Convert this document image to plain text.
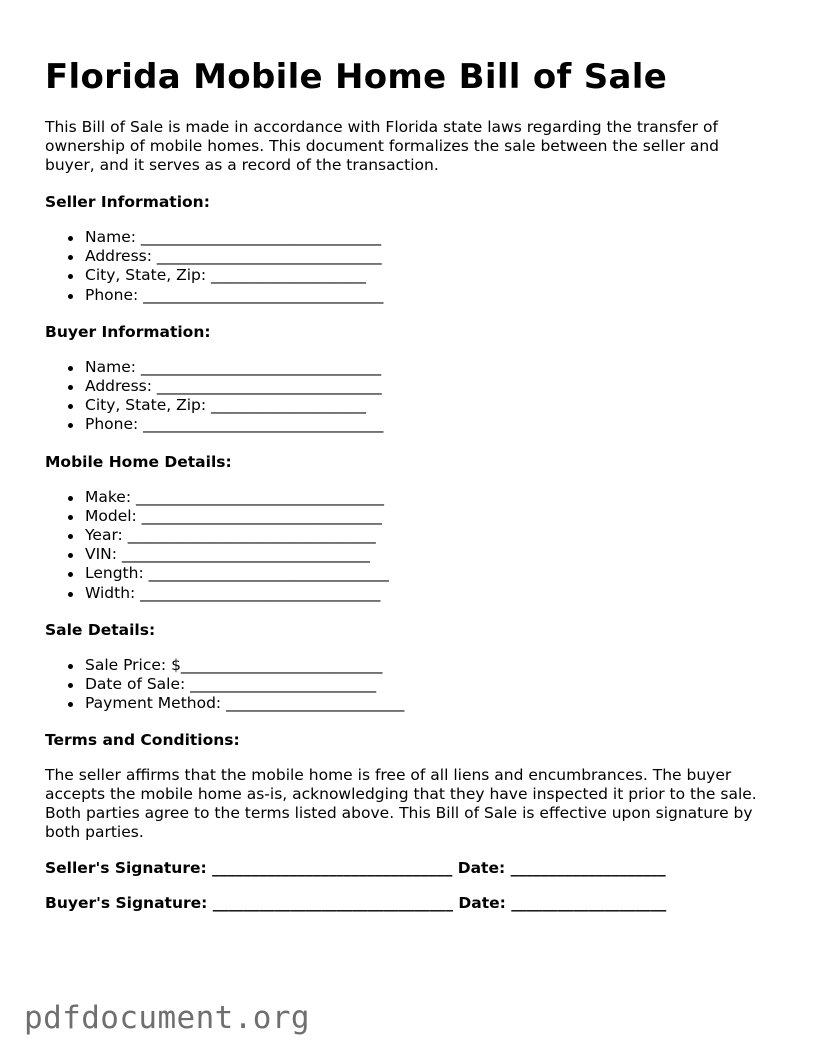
Florida Mobile Home Bill of Sale

This Bill of Sale is made in accordance with Florida state laws regarding the transfer of ownership of mobile homes. This document formalizes the sale between the seller and buyer, and it serves as a record of the transaction.

Seller Information:

Name: _______________________________
Address: _____________________________
City, State, Zip: ____________________
Phone: _______________________________

Buyer Information:

Name: _______________________________
Address: _____________________________
City, State, Zip: ____________________
Phone: _______________________________

Mobile Home Details:

Make: ________________________________
Model: _______________________________
Year: ________________________________
VIN: ________________________________
Length: _______________________________
Width: _______________________________

Sale Details:

Sale Price: $__________________________
Date of Sale: ________________________
Payment Method: _______________________

Terms and Conditions:

The seller affirms that the mobile home is free of all liens and encumbrances. The buyer accepts the mobile home as-is, acknowledging that they have inspected it prior to the sale. Both parties agree to the terms listed above. This Bill of Sale is effective upon signature by both parties.

Seller's Signature: _______________________________ Date: ____________________

Buyer's Signature: _______________________________ Date: ____________________

pdfdocument.org
